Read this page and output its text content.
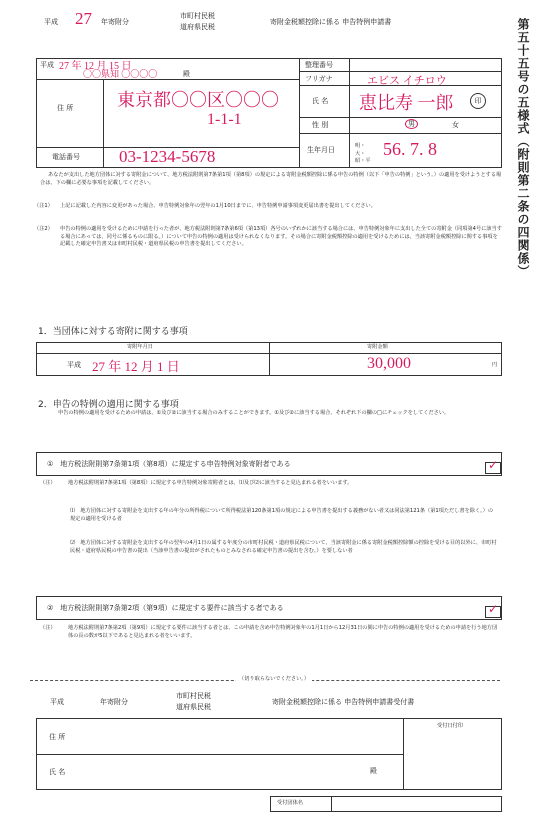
平成 27 年寄附分
市町村民税
道府県民税
寄附金税額控除に係る 申告特例申請書	第五十五号の五様式（附則第二条の四関係）
平成 27 年 12 月 15 日
〇〇県知 〇〇〇〇	殿
住 所 東京都〇〇区〇〇〇
1-1-1
電話番号 03-1234-5678
整理番号
フリガナ	エビス イチロウ
氏 名 恵比寿 一郎	印
性 別	男	女
生年月日	明・大・昭・平
56. 7. 8
あなたが支出した地方団体に対する寄附金について、地方税法附則第7条第1項（第8項）の規定による寄附金税額控除に係る申告の特例（以下「申告の特例」という。）の適用を受けようとする場合は、下の欄に必要な事項を記載してください。
（注1） 上記に記載した内容に変更があった場合、申告特例対象年の翌年の1月10日までに、申告特例申請事項変更届出書を提出してください。
（注2） 申告の特例の適用を受けるために申請を行った者が、地方税法附則第7条第6項（第13項）各号のいずれかに該当する場合には、申告特例対象年に支出した全ての寄附金（同項第4号に該当する場合にあっては、同号に係るものに限る。）について申告の特例の適用は受けられなくなります。その場合に寄附金税額控除の適用を受けるためには、当該寄附金税額控除に関する事項を記載した確定申告書又は市町村民税・道府県民税の申告書を提出してください。
1．当団体に対する寄附に関する事項
寄附年月日	寄附金額
平成 27 年 12 月 1 日	30,000	円
2．申告の特例の適用に関する事項
申告の特例の適用を受けるための申請は、①及び②に該当する場合のみすることができます。①及び②に該当する場合、それぞれ下の欄の□にチェックをしてください。
①　地方税法附則第7条第1項（第8項）に規定する申告特例対象寄附者である
✓
（注） 地方税法附則第7条第1項（第8項）に規定する申告特例対象寄附者とは、⑴及び⑵に該当すると見込まれる者をいいます。
⑴　地方団体に対する寄附金を支出する年の年分の所得税について所得税法第120条第1項の規定による申告書を提出する義務がない者又は同法第121条（第1項ただし書を除く。）の規定の適用を受ける者
⑵　地方団体に対する寄附金を支出する年の翌年の4月1日の属する年度分の市町村民税・道府県民税について、当該寄附金に係る寄附金税額控除額の控除を受ける目的以外に、市町村民税・道府県民税の申告書の提出（当該申告書の提出がされたものとみなされる確定申告書の提出を含む。）を要しない者
②　地方税法附則第7条第2項（第9項）に規定する要件に該当する者である
✓
（注） 地方税法附則第7条第2項（第9項）に規定する要件に該当する者とは、この申請を含め申告特例対象年の1月1日から12月31日の間に申告の特例の適用を受けるための申請を行う地方団体の長の数が5以下であると見込まれる者をいいます。
（切り取らないでください。）
平成	年寄附分
市町村民税
道府県民税
寄附金税額控除に係る 申告特例申請書受付書
住 所
氏 名	殿
受付日付印
受付団体名
